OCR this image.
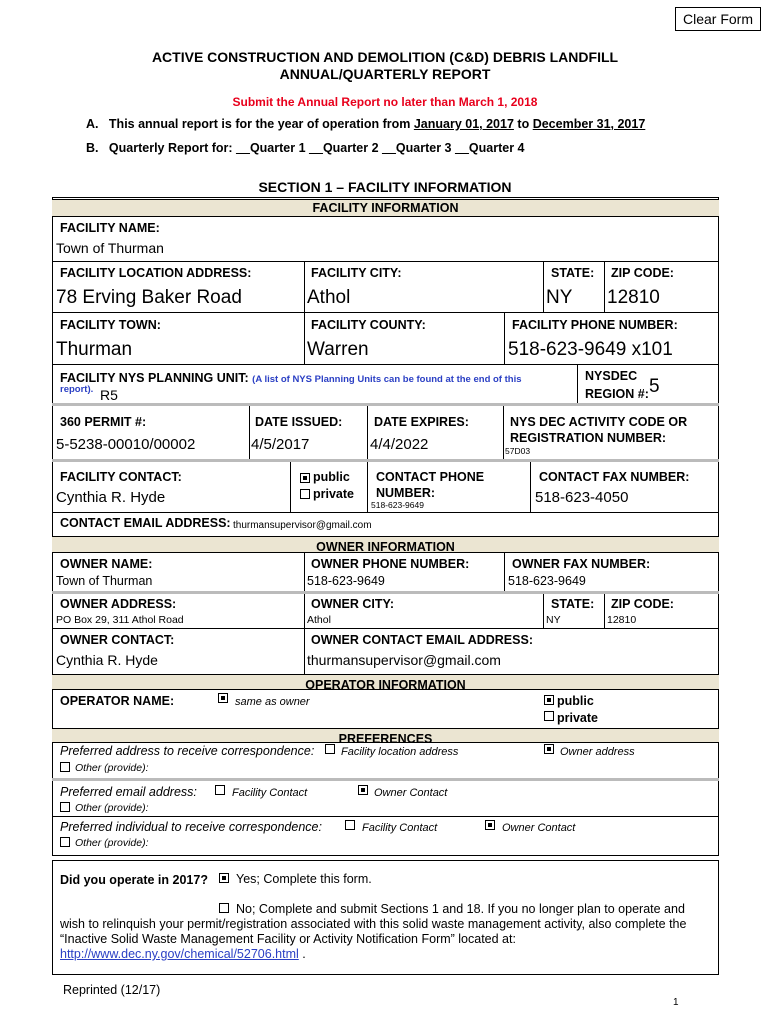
Clear Form
ACTIVE CONSTRUCTION AND DEMOLITION (C&D) DEBRIS LANDFILL
ANNUAL/QUARTERLY REPORT
Submit the Annual Report no later than March 1, 2018
A. This annual report is for the year of operation from January 01, 2017 to December 31, 2017
B. Quarterly Report for: __Quarter 1 __Quarter 2 __Quarter 3 __Quarter 4
SECTION 1 – FACILITY INFORMATION
FACILITY INFORMATION
FACILITY NAME:
Town of Thurman
FACILITY LOCATION ADDRESS:	FACILITY CITY:	STATE: ZIP CODE:
78 Erving Baker Road	Athol	NY 12810
FACILITY TOWN:	FACILITY COUNTY:	FACILITY PHONE NUMBER:
Thurman	Warren	518-623-9649 x101
FACILITY NYS PLANNING UNIT: (A list of NYS Planning Units can be found at the end of this
report). R5
NYSDEC
REGION #: 5
360 PERMIT #:	DATE ISSUED:	DATE EXPIRES:	NYS DEC ACTIVITY CODE OR
REGISTRATION NUMBER:
5-5238-00010/00002	4/5/2017	4/4/2022	57D03
FACILITY CONTACT:
Cynthia R. Hyde
public
private
CONTACT PHONE
NUMBER:
518-623-9649
CONTACT FAX NUMBER:
518-623-4050
CONTACT EMAIL ADDRESS: thurmansupervisor@gmail.com
OWNER INFORMATION
OWNER NAME:	OWNER PHONE NUMBER:	OWNER FAX NUMBER:
Town of Thurman	518-623-9649	518-623-9649
OWNER ADDRESS:	OWNER CITY:	STATE: ZIP CODE:
PO Box 29, 311 Athol Road	Athol	NY	12810
OWNER CONTACT:	OWNER CONTACT EMAIL ADDRESS:
Cynthia R. Hyde	thurmansupervisor@gmail.com
OPERATOR INFORMATION
OPERATOR NAME:	same as owner	public
private
PREFERENCES
Preferred address to receive correspondence: Facility location address	Owner address
Other (provide):
Preferred email address:	Facility Contact	Owner Contact
Other (provide):
Preferred individual to receive correspondence:	Facility Contact	Owner Contact
Other (provide):
Did you operate in 2017? Yes; Complete this form.
No; Complete and submit Sections 1 and 18. If you no longer plan to operate and
wish to relinquish your permit/registration associated with this solid waste management activity, also complete the
“Inactive Solid Waste Management Facility or Activity Notification Form” located at:
http://www.dec.ny.gov/chemical/52706.html .
Reprinted (12/17)
1
